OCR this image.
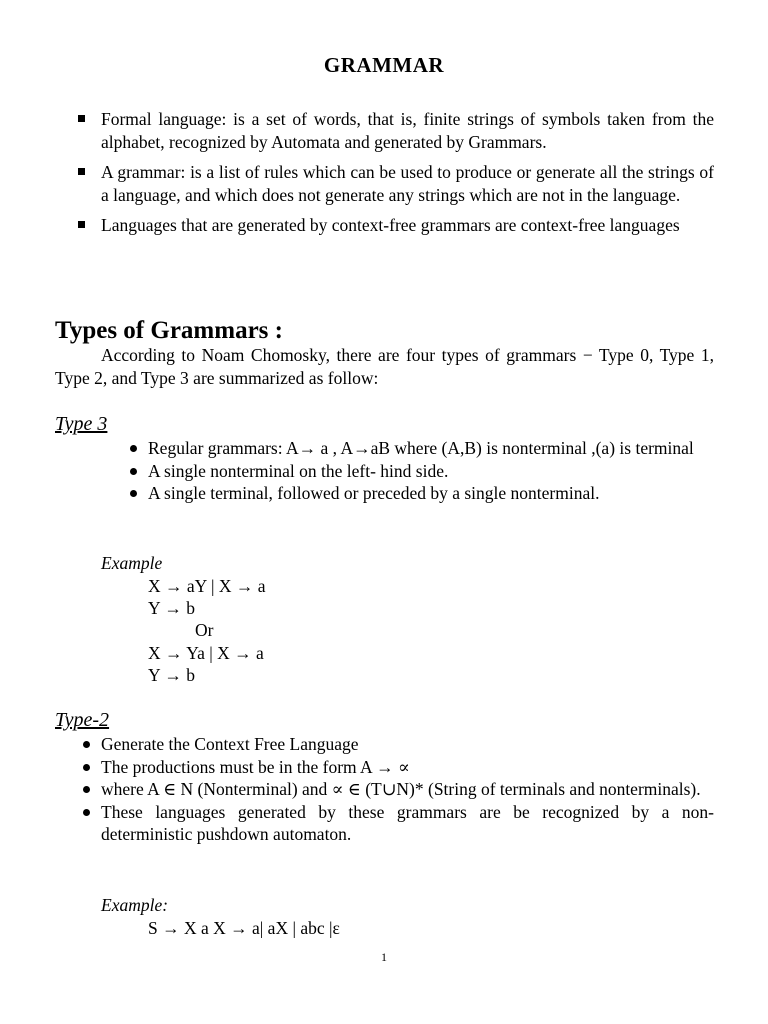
GRAMMAR
Formal language: is a set of words, that is, finite strings of symbols taken from the alphabet, recognized by Automata and generated by Grammars.
A grammar: is a list of rules which can be used to produce or generate all the strings of a language, and which does not generate any strings which are not in the language.
Languages that are generated by context-free grammars are context-free languages
Types of Grammars :
According to Noam Chomosky, there are four types of grammars − Type 0, Type 1, Type 2, and Type 3 are summarized as follow:
Type 3
Regular grammars: A→ a , A→aB where (A,B) is nonterminal ,(a) is terminal
A single nonterminal on the left- hind side.
A single terminal, followed or preceded by a single nonterminal.
Example
X → aY | X → a
Y → b
Or
X → Ya | X → a
Y → b
Type-2
Generate the Context Free Language
The productions must be in the form A → ∝
where A ∈ N (Nonterminal) and ∝ ∈ (T∪N)* (String of terminals and nonterminals).
These languages generated by these grammars are be recognized by a non-deterministic pushdown automaton.
Example:
S → X a X → a| aX | abc |ε
1
